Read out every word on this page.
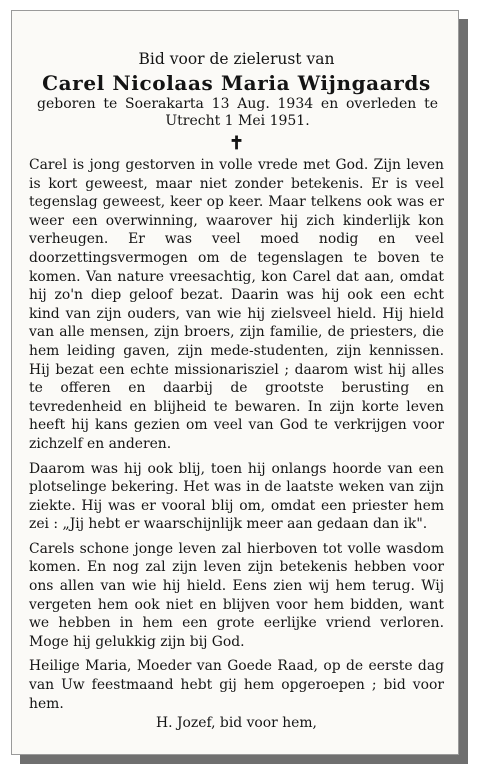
Bid voor de zielerust van

Carel Nicolaas Maria Wijngaards

geboren te Soerakarta 13 Aug. 1934 en overleden te Utrecht 1 Mei 1951.

✝

Carel is jong gestorven in volle vrede met God. Zijn leven is kort geweest, maar niet zonder betekenis. Er is veel tegenslag geweest, keer op keer. Maar telkens ook was er weer een overwinning, waarover hij zich kinderlijk kon verheugen. Er was veel moed nodig en veel doorzettingsvermogen om de tegenslagen te boven te komen. Van nature vreesachtig, kon Carel dat aan, omdat hij zo'n diep geloof bezat. Daarin was hij ook een echt kind van zijn ouders, van wie hij zielsveel hield. Hij hield van alle mensen, zijn broers, zijn familie, de priesters, die hem leiding gaven, zijn mede-studenten, zijn kennissen. Hij bezat een echte missionarisziel ; daarom wist hij alles te offeren en daarbij de grootste berusting en tevredenheid en blijheid te bewaren. In zijn korte leven heeft hij kans gezien om veel van God te verkrijgen voor zichzelf en anderen.

Daarom was hij ook blij, toen hij onlangs hoorde van een plotselinge bekering. Het was in de laatste weken van zijn ziekte. Hij was er vooral blij om, omdat een priester hem zei : „Jij hebt er waarschijnlijk meer aan gedaan dan ik".

Carels schone jonge leven zal hierboven tot volle wasdom komen. En nog zal zijn leven zijn betekenis hebben voor ons allen van wie hij hield. Eens zien wij hem terug. Wij vergeten hem ook niet en blijven voor hem bidden, want we hebben in hem een grote eerlijke vriend verloren. Moge hij gelukkig zijn bij God.

Heilige Maria, Moeder van Goede Raad, op de eerste dag van Uw feestmaand hebt gij hem opgeroepen ; bid voor hem.

H. Jozef, bid voor hem,
